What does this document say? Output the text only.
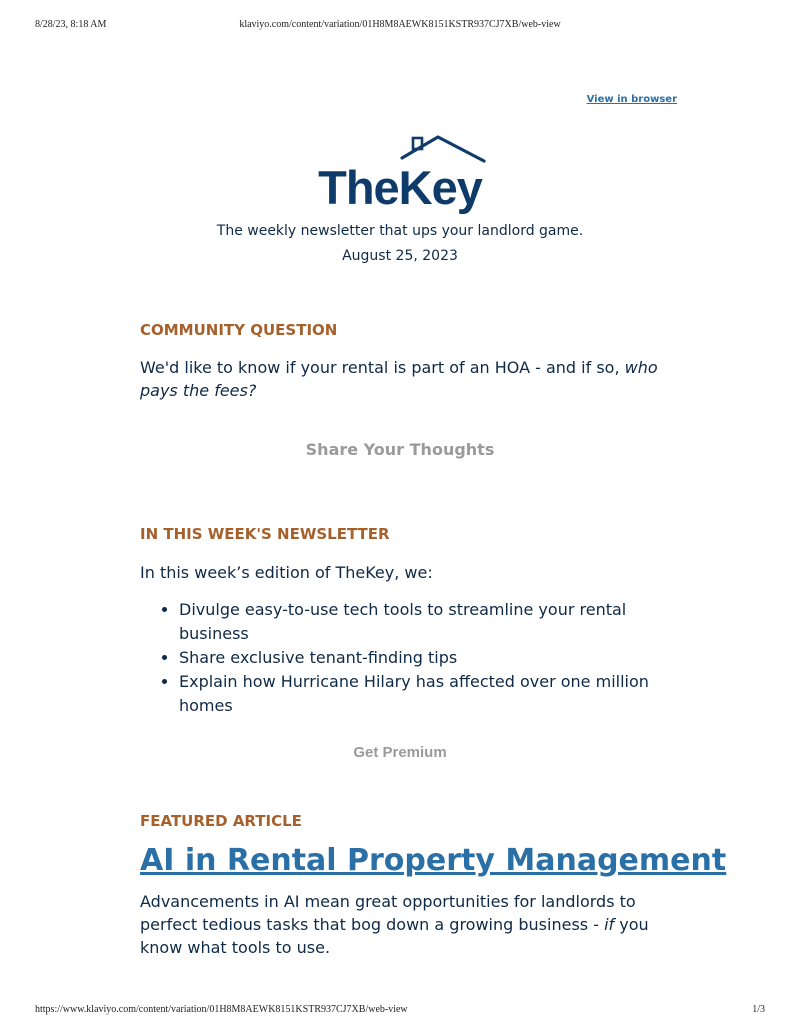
8/28/23, 8:18 AM	klaviyo.com/content/variation/01H8M8AEWK8151KSTR937CJ7XB/web-view
View in browser
TheKey
The weekly newsletter that ups your landlord game.
August 25, 2023

COMMUNITY QUESTION

We'd like to know if your rental is part of an HOA - and if so, who pays the fees?

Share Your Thoughts

IN THIS WEEK'S NEWSLETTER

In this week’s edition of TheKey, we:

• Divulge easy-to-use tech tools to streamline your rental business
• Share exclusive tenant-finding tips
• Explain how Hurricane Hilary has affected over one million homes
Get Premium

FEATURED ARTICLE

AI in Rental Property Management

Advancements in AI mean great opportunities for landlords to perfect tedious tasks that bog down a growing business - if you know what tools to use.

https://www.klaviyo.com/content/variation/01H8M8AEWK8151KSTR937CJ7XB/web-view	1/3
